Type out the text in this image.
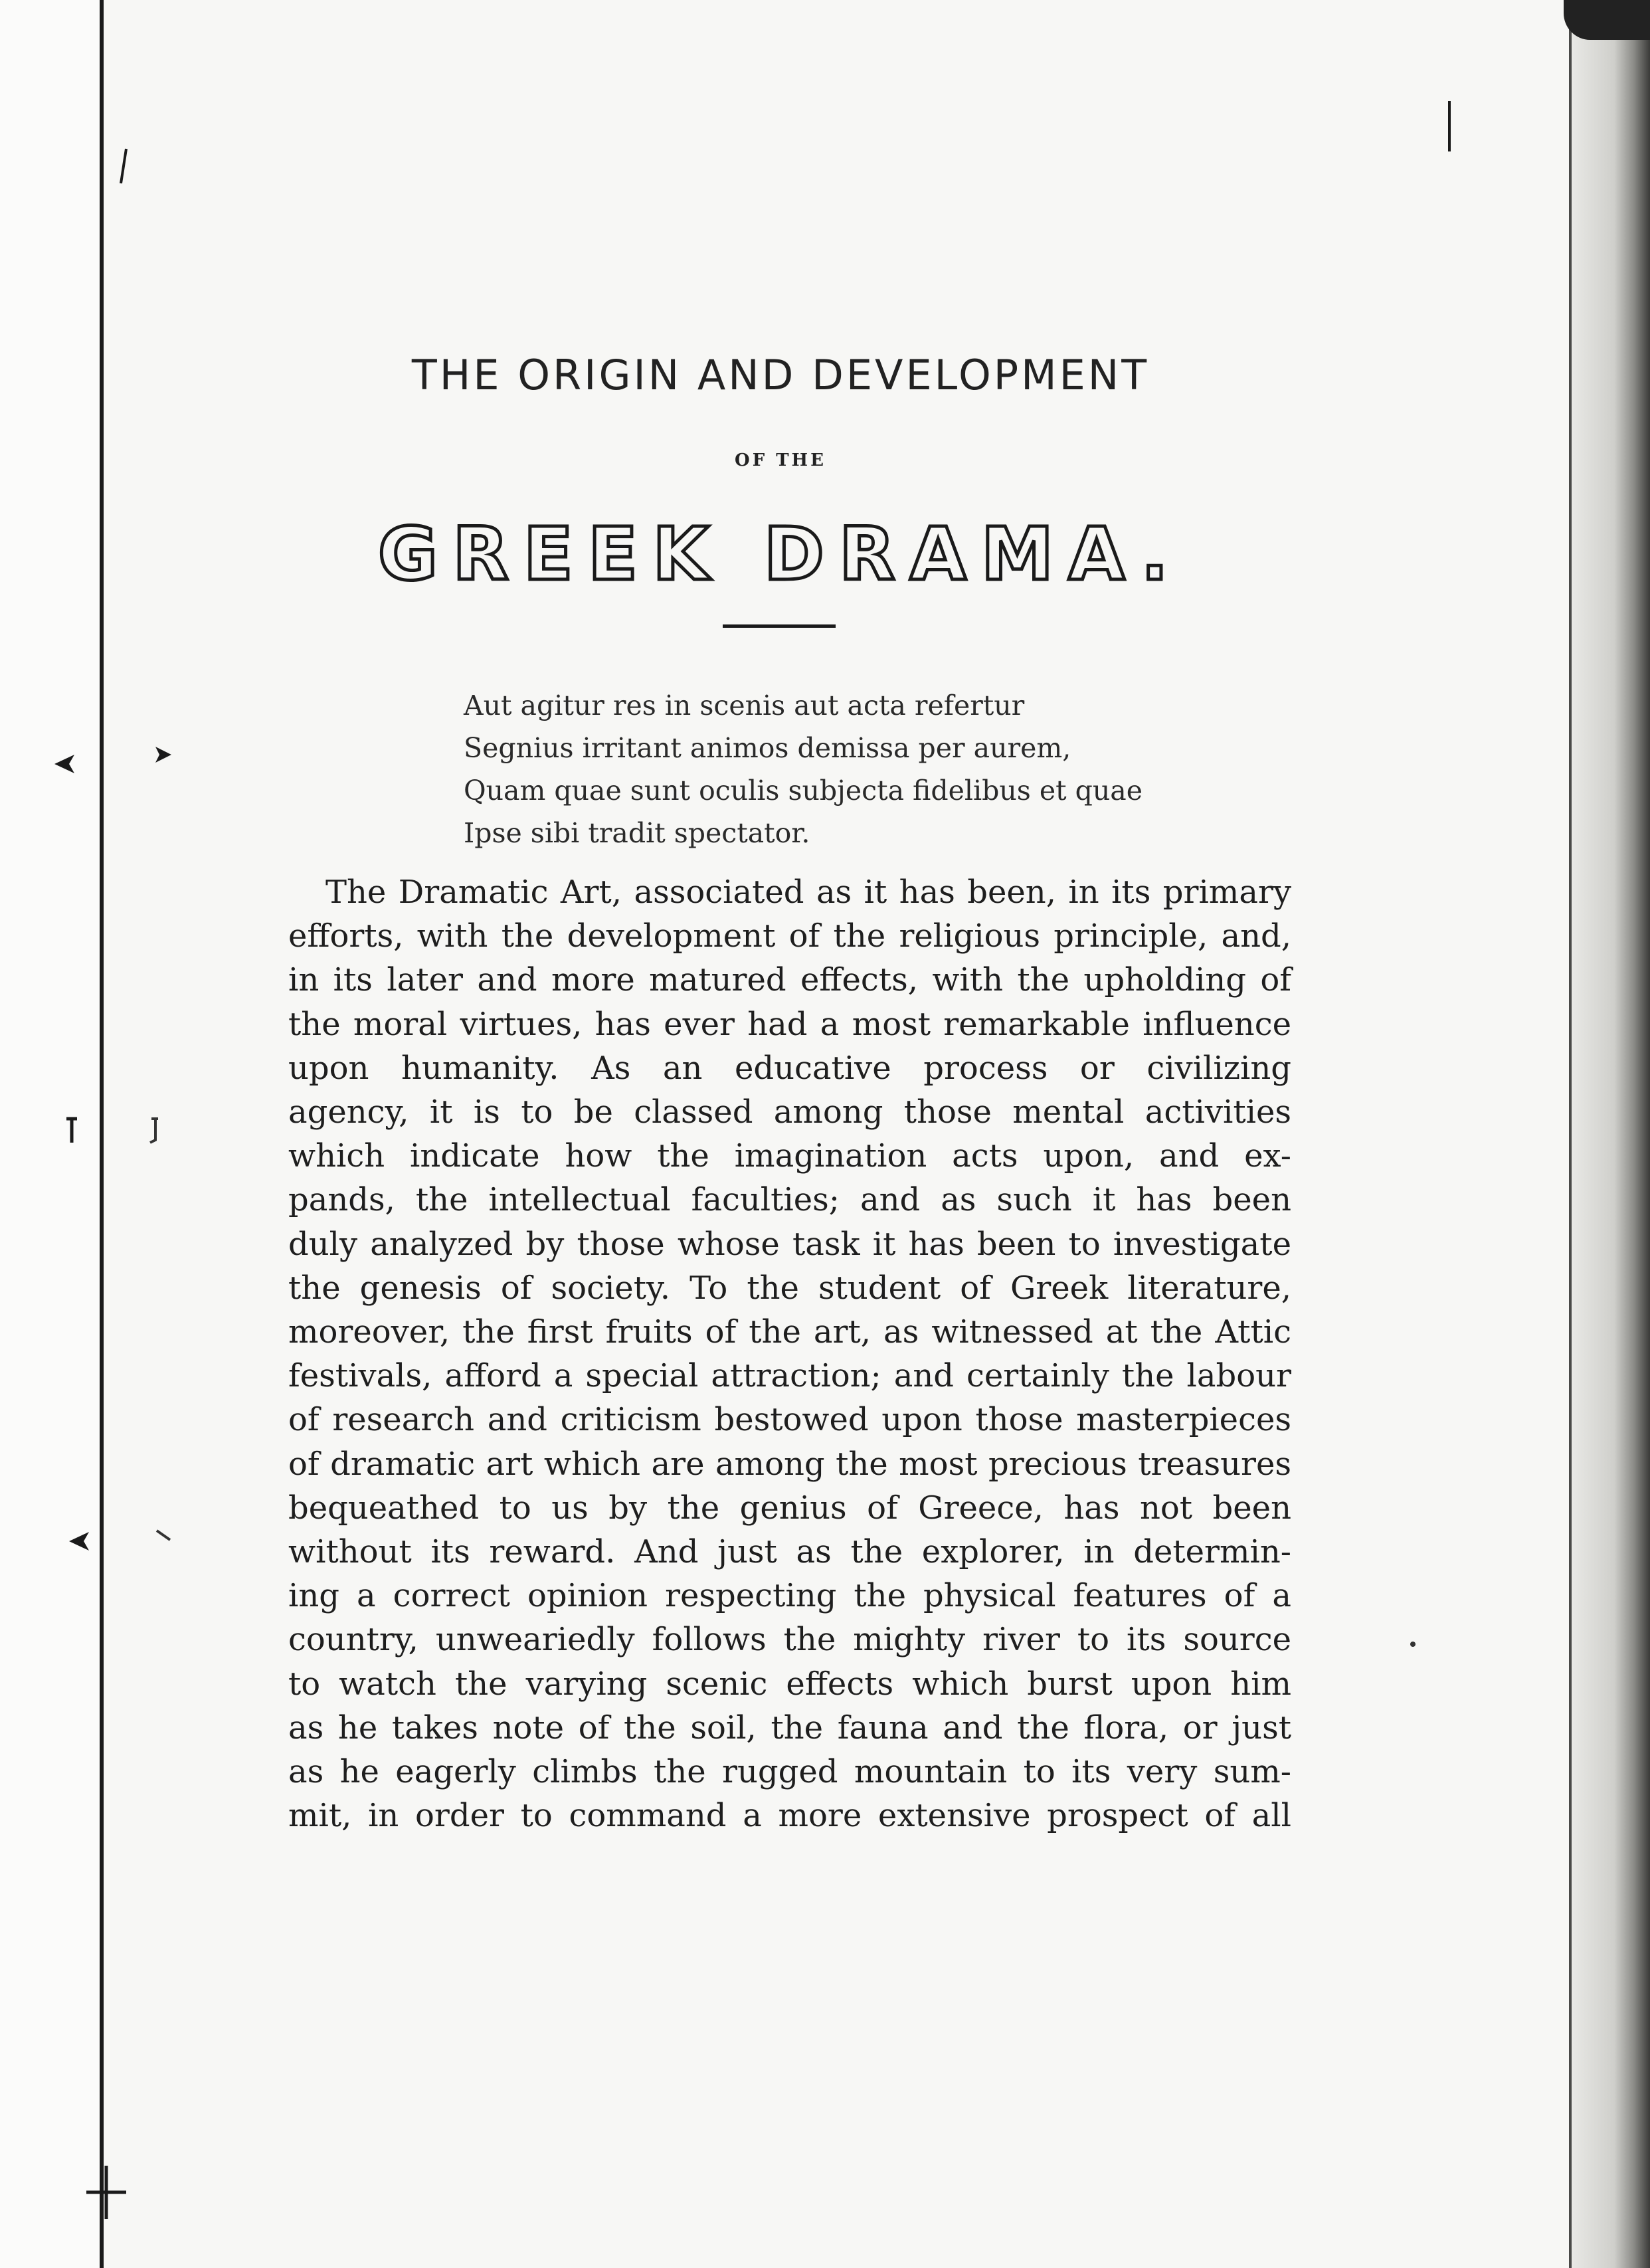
THE ORIGIN AND DEVELOPMENT
OF THE
GREEK DRAMA.
Aut agitur res in scenis aut acta refertur
Segnius irritant animos demissa per aurem,
Quam quae sunt oculis subjecta fidelibus et quae
Ipse sibi tradit spectator.
The Dramatic Art, associated as it has been, in its primary
efforts, with the development of the religious principle, and,
in its later and more matured effects, with the upholding of
the moral virtues, has ever had a most remarkable influence
upon humanity. As an educative process or civilizing
agency, it is to be classed among those mental activities
which indicate how the imagination acts upon, and ex-
pands, the intellectual faculties; and as such it has been
duly analyzed by those whose task it has been to investigate
the genesis of society. To the student of Greek literature,
moreover, the first fruits of the art, as witnessed at the Attic
festivals, afford a special attraction; and certainly the labour
of research and criticism bestowed upon those masterpieces
of dramatic art which are among the most precious treasures
bequeathed to us by the genius of Greece, has not been
without its reward. And just as the explorer, in determin-
ing a correct opinion respecting the physical features of a
country, unweariedly follows the mighty river to its source
to watch the varying scenic effects which burst upon him
as he takes note of the soil, the fauna and the flora, or just
as he eagerly climbs the rugged mountain to its very sum-
mit, in order to command a more extensive prospect of all
